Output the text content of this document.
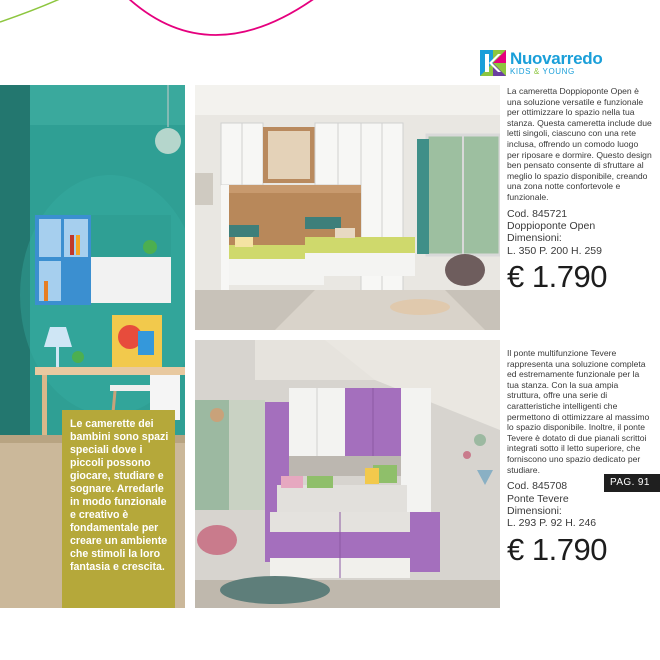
Nuovarredo
KIDS & YOUNG
Le camerette dei bambini sono spazi speciali dove i piccoli possono giocare, studiare e sognare. Arredarle in modo funzionale e creativo è fondamentale per creare un ambiente che stimoli la loro fantasia e crescita.
La cameretta Doppioponte Open è una soluzione versatile e funzionale per ottimizzare lo spazio nella tua stanza. Questa cameretta include due letti singoli, ciascuno con una rete inclusa, offrendo un comodo luogo per riposare e dormire. Questo design ben pensato consente di sfruttare al meglio lo spazio disponibile, creando una zona notte confortevole e funzionale.
Cod. 845721
Doppioponte Open
Dimensioni:
L. 350 P. 200 H. 259
€ 1.790
Il ponte multifunzione Tevere rappresenta una soluzione completa ed estremamente funzionale per la tua stanza. Con la sua ampia struttura, offre una serie di caratteristiche intelligenti che permettono di ottimizzare al massimo lo spazio disponibile. Inoltre, il ponte Tevere è dotato di due pianali scrittoi integrati sotto il letto superiore, che forniscono uno spazio dedicato per studiare.
Cod. 845708
Ponte Tevere
Dimensioni:
L. 293 P. 92 H. 246
€ 1.790
PAG. 91
